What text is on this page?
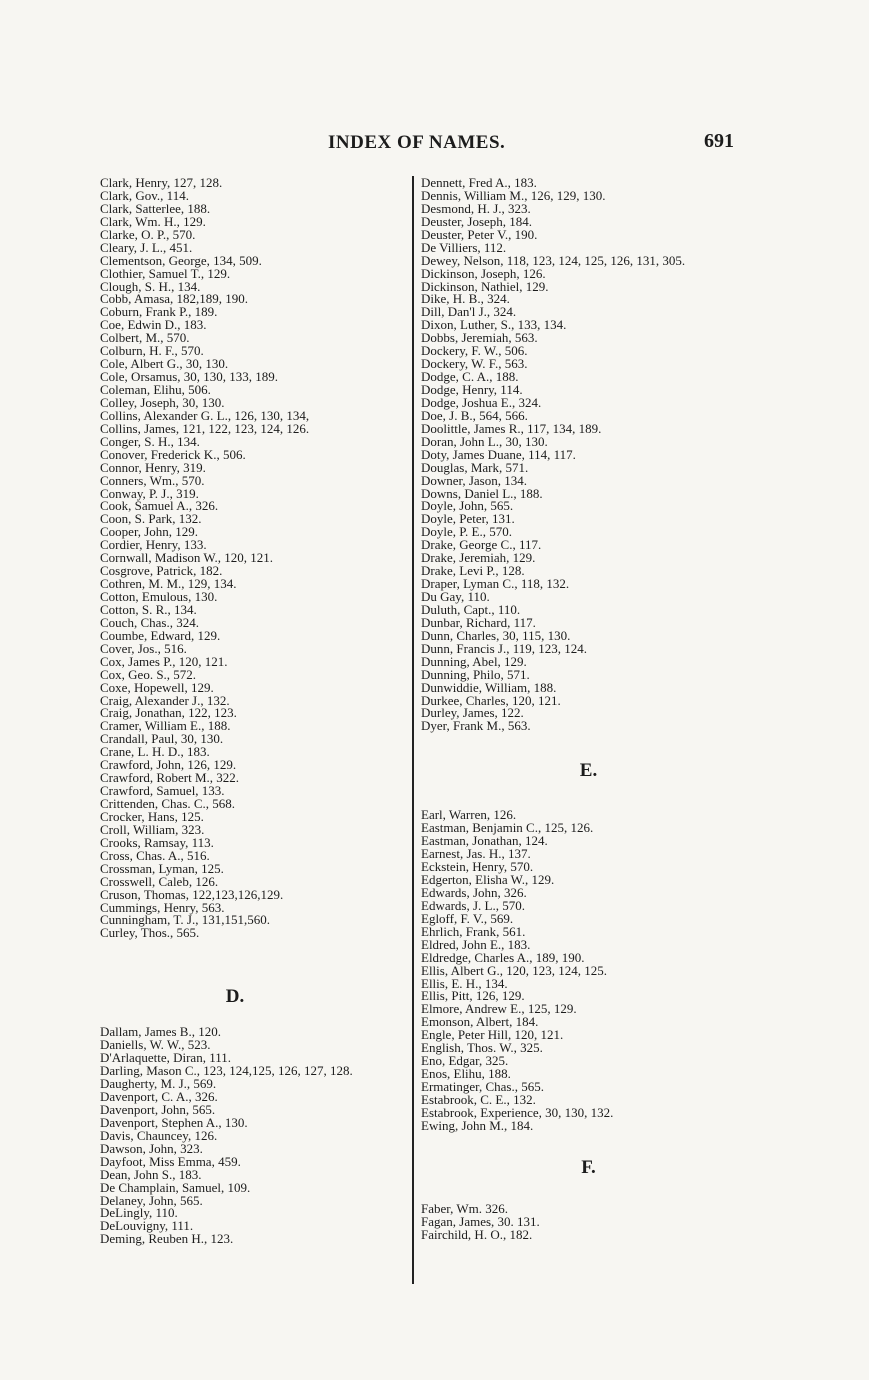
INDEX OF NAMES.	691
Clark, Henry, 127, 128.
Clark, Gov., 114.
Clark, Satterlee, 188.
Clark, Wm. H., 129.
Clarke, O. P., 570.
Cleary, J. L., 451.
Clementson, George, 134, 509.
Clothier, Samuel T., 129.
Clough, S. H., 134.
Cobb, Amasa, 182,189, 190.
Coburn, Frank P., 189.
Coe, Edwin D., 183.
Colbert, M., 570.
Colburn, H. F., 570.
Cole, Albert G., 30, 130.
Cole, Orsamus, 30, 130, 133, 189.
Coleman, Elihu, 506.
Colley, Joseph, 30, 130.
Collins, Alexander G. L., 126, 130, 134,
Collins, James, 121, 122, 123, 124, 126.
Conger, S. H., 134.
Conover, Frederick K., 506.
Connor, Henry, 319.
Conners, Wm., 570.
Conway, P. J., 319.
Cook, Samuel A., 326.
Coon, S. Park, 132.
Cooper, John, 129.
Cordier, Henry, 133.
Cornwall, Madison W., 120, 121.
Cosgrove, Patrick, 182.
Cothren, M. M., 129, 134.
Cotton, Emulous, 130.
Cotton, S. R., 134.
Couch, Chas., 324.
Coumbe, Edward, 129.
Cover, Jos., 516.
Cox, James P., 120, 121.
Cox, Geo. S., 572.
Coxe, Hopewell, 129.
Craig, Alexander J., 132.
Craig, Jonathan, 122, 123.
Cramer, William E., 188.
Crandall, Paul, 30, 130.
Crane, L. H. D., 183.
Crawford, John, 126, 129.
Crawford, Robert M., 322.
Crawford, Samuel, 133.
Crittenden, Chas. C., 568.
Crocker, Hans, 125.
Croll, William, 323.
Crooks, Ramsay, 113.
Cross, Chas. A., 516.
Crossman, Lyman, 125.
Crosswell, Caleb, 126.
Cruson, Thomas, 122,123,126,129.
Cummings, Henry, 563.
Cunningham, T. J., 131,151,560.
Curley, Thos., 565.
D.
Dallam, James B., 120.
Daniells, W. W., 523.
D'Arlaquette, Diran, 111.
Darling, Mason C., 123, 124,125, 126, 127, 128.
Daugherty, M. J., 569.
Davenport, C. A., 326.
Davenport, John, 565.
Davenport, Stephen A., 130.
Davis, Chauncey, 126.
Dawson, John, 323.
Dayfoot, Miss Emma, 459.
Dean, John S., 183.
De Champlain, Samuel, 109.
Delaney, John, 565.
DeLingly, 110.
DeLouvigny, 111.
Deming, Reuben H., 123.
Dennett, Fred A., 183.
Dennis, William M., 126, 129, 130.
Desmond, H. J., 323.
Deuster, Joseph, 184.
Deuster, Peter V., 190.
De Villiers, 112.
Dewey, Nelson, 118, 123, 124, 125, 126, 131, 305.
Dickinson, Joseph, 126.
Dickinson, Nathiel, 129.
Dike, H. B., 324.
Dill, Dan'l J., 324.
Dixon, Luther, S., 133, 134.
Dobbs, Jeremiah, 563.
Dockery, F. W., 506.
Dockery, W. F., 563.
Dodge, C. A., 188.
Dodge, Henry, 114.
Dodge, Joshua E., 324.
Doe, J. B., 564, 566.
Doolittle, James R., 117, 134, 189.
Doran, John L., 30, 130.
Doty, James Duane, 114, 117.
Douglas, Mark, 571.
Downer, Jason, 134.
Downs, Daniel L., 188.
Doyle, John, 565.
Doyle, Peter, 131.
Doyle, P. E., 570.
Drake, George C., 117.
Drake, Jeremiah, 129.
Drake, Levi P., 128.
Draper, Lyman C., 118, 132.
Du Gay, 110.
Duluth, Capt., 110.
Dunbar, Richard, 117.
Dunn, Charles, 30, 115, 130.
Dunn, Francis J., 119, 123, 124.
Dunning, Abel, 129.
Dunning, Philo, 571.
Dunwiddie, William, 188.
Durkee, Charles, 120, 121.
Durley, James, 122.
Dyer, Frank M., 563.
E.
Earl, Warren, 126.
Eastman, Benjamin C., 125, 126.
Eastman, Jonathan, 124.
Earnest, Jas. H., 137.
Eckstein, Henry, 570.
Edgerton, Elisha W., 129.
Edwards, John, 326.
Edwards, J. L., 570.
Egloff, F. V., 569.
Ehrlich, Frank, 561.
Eldred, John E., 183.
Eldredge, Charles A., 189, 190.
Ellis, Albert G., 120, 123, 124, 125.
Ellis, E. H., 134.
Ellis, Pitt, 126, 129.
Elmore, Andrew E., 125, 129.
Emonson, Albert, 184.
Engle, Peter Hill, 120, 121.
English, Thos. W., 325.
Eno, Edgar, 325.
Enos, Elihu, 188.
Ermatinger, Chas., 565.
Estabrook, C. E., 132.
Estabrook, Experience, 30, 130, 132.
Ewing, John M., 184.
F.
Faber, Wm. 326.
Fagan, James, 30. 131.
Fairchild, H. O., 182.
